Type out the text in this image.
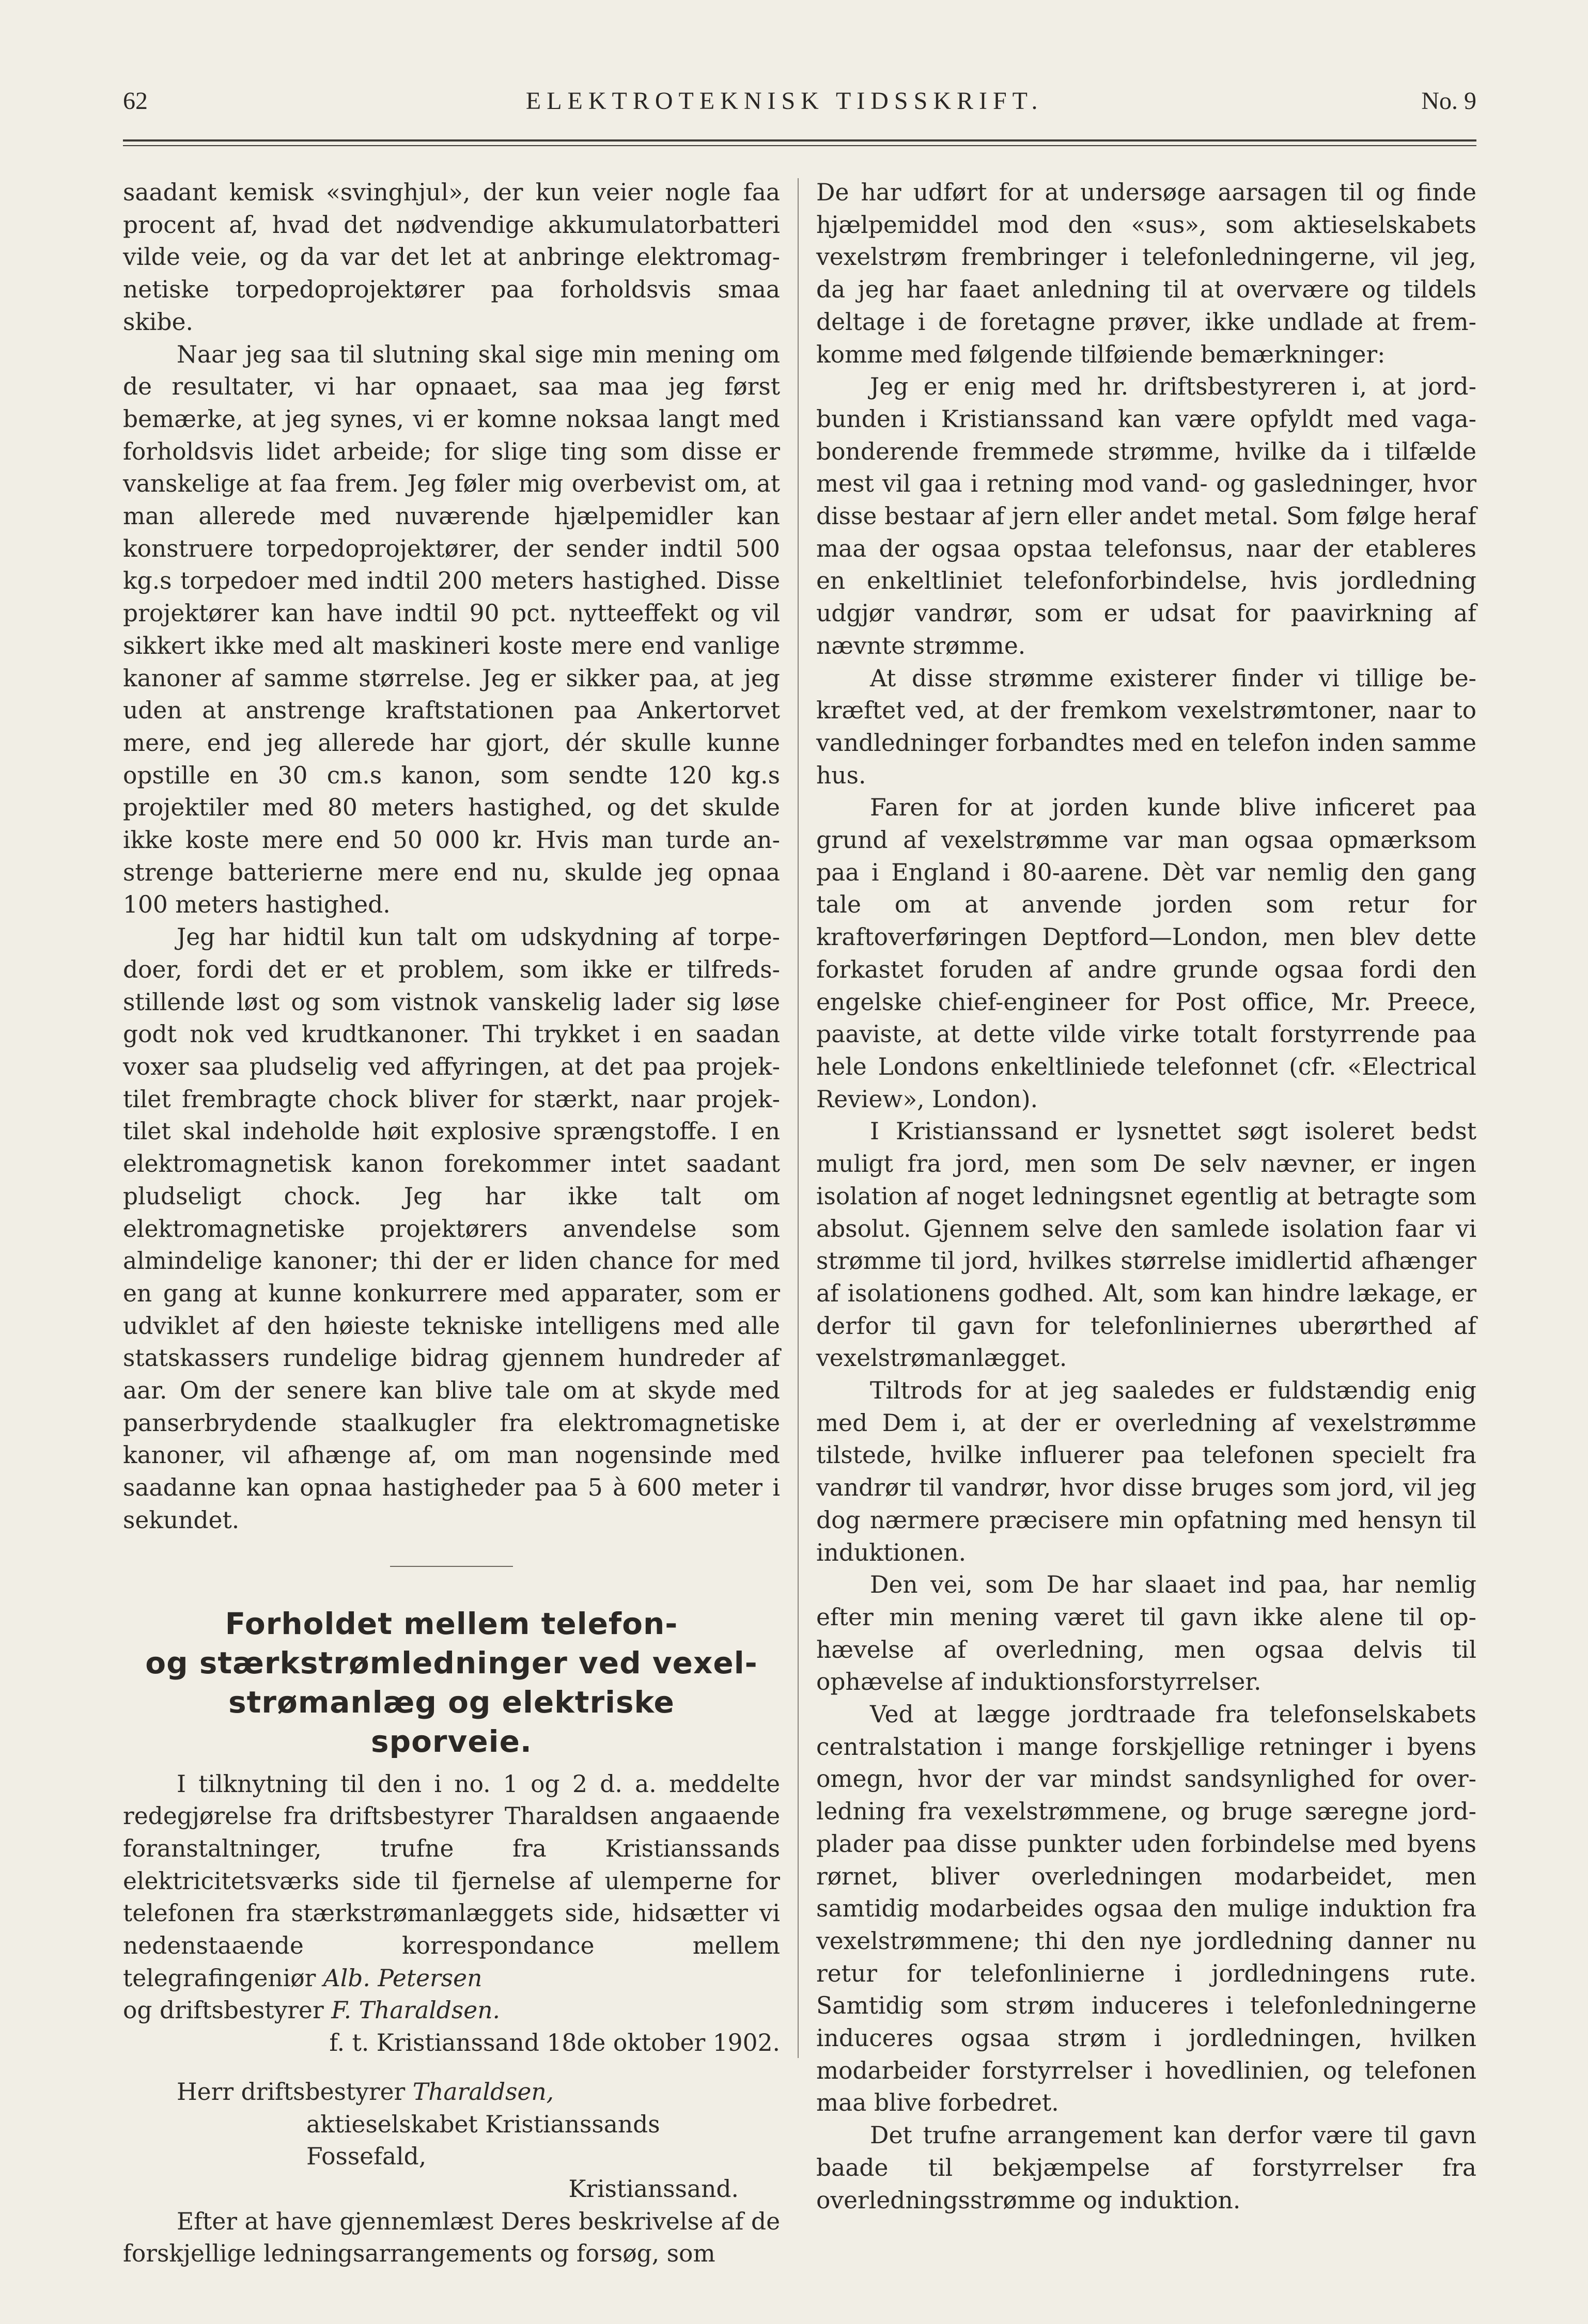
62	ELEKTROTEKNISK TIDSSKRIFT.	No. 9

saadant kemisk «svinghjul», der kun veier nogle faa procent af, hvad det nødvendige akkumulatorbatteri vilde veie, og da var det let at anbringe elektromagnetiske torpedoprojektører paa forholdsvis smaa skibe.

Naar jeg saa til slutning skal sige min mening om de resultater, vi har opnaaet, saa maa jeg først bemærke, at jeg synes, vi er komne noksaa langt med forholdsvis lidet arbeide; for slige ting som disse er vanskelige at faa frem. Jeg føler mig overbevist om, at man allerede med nuværende hjælpemidler kan konstruere torpedoprojektører, der sender indtil 500 kg.s torpedoer med indtil 200 meters hastighed. Disse projektører kan have indtil 90 pct. nytteeffekt og vil sikkert ikke med alt maskineri koste mere end vanlige kanoner af samme størrelse. Jeg er sikker paa, at jeg uden at anstrenge kraftstationen paa Ankertorvet mere, end jeg allerede har gjort, dér skulle kunne opstille en 30 cm.s kanon, som sendte 120 kg.s projektiler med 80 meters hastighed, og det skulde ikke koste mere end 50 000 kr. Hvis man turde anstrenge batterierne mere end nu, skulde jeg opnaa 100 meters hastighed.

Jeg har hidtil kun talt om udskydning af torpedoer, fordi det er et problem, som ikke er tilfredsstillende løst og som vistnok vanskelig lader sig løse godt nok ved krudtkanoner. Thi trykket i en saadan voxer saa pludselig ved affyringen, at det paa projektilet frembragte chock bliver for stærkt, naar projektilet skal indeholde høit explosive sprængstoffe. I en elektromagnetisk kanon forekommer intet saadant pludseligt chock. Jeg har ikke talt om elektromagnetiske projektørers anvendelse som almindelige kanoner; thi der er liden chance for med en gang at kunne konkurrere med apparater, som er udviklet af den høieste tekniske intelligens med alle statskassers rundelige bidrag gjennem hundreder af aar. Om der senere kan blive tale om at skyde med panserbrydende staalkugler fra elektromagnetiske kanoner, vil afhænge af, om man nogensinde med saadanne kan opnaa hastigheder paa 5 à 600 meter i sekundet.

Forholdet mellem telefon-
og stærkstrømledninger ved vexel-
strømanlæg og elektriske
sporveie.

I tilknytning til den i no. 1 og 2 d. a. meddelte redegjørelse fra driftsbestyrer Tharaldsen angaaende foranstaltninger, trufne fra Kristianssands elektricitetsværks side til fjernelse af ulemperne for telefonen fra stærkstrømanlæggets side, hidsætter vi nedenstaaende korrespondance mellem telegrafingeniør Alb. Petersen
og driftsbestyrer F. Tharaldsen.

f. t. Kristianssand 18de oktober 1902.

Herr driftsbestyrer Tharaldsen,

aktieselskabet Kristianssands Fossefald,

Kristianssand.

Efter at have gjennemlæst Deres beskrivelse af de forskjellige ledningsarrangements og forsøg, som

De har udført for at undersøge aarsagen til og finde hjælpemiddel mod den «sus», som aktieselskabets vexelstrøm frembringer i telefonledningerne, vil jeg, da jeg har faaet anledning til at overvære og tildels deltage i de foretagne prøver, ikke undlade at fremkomme med følgende tilføiende bemærkninger:

Jeg er enig med hr. driftsbestyreren i, at jordbunden i Kristianssand kan være opfyldt med vagabonderende fremmede strømme, hvilke da i tilfælde mest vil gaa i retning mod vand- og gasledninger, hvor disse bestaar af jern eller andet metal. Som følge heraf maa der ogsaa opstaa telefonsus, naar der etableres en enkeltliniet telefonforbindelse, hvis jordledning udgjør vandrør, som er udsat for paavirkning af nævnte strømme.

At disse strømme existerer finder vi tillige bekræftet ved, at der fremkom vexelstrømtoner, naar to vandledninger forbandtes med en telefon inden samme hus.

Faren for at jorden kunde blive inficeret paa grund af vexelstrømme var man ogsaa opmærksom paa i England i 80-aarene. Dèt var nemlig den gang tale om at anvende jorden som retur for kraftoverføringen Deptford—London, men blev dette forkastet foruden af andre grunde ogsaa fordi den engelske chief-engineer for Post office, Mr. Preece, paaviste, at dette vilde virke totalt forstyrrende paa hele Londons enkeltliniede telefonnet (cfr. «Electrical Review», London).

I Kristianssand er lysnettet søgt isoleret bedst muligt fra jord, men som De selv nævner, er ingen isolation af noget ledningsnet egentlig at betragte som absolut. Gjennem selve den samlede isolation faar vi strømme til jord, hvilkes størrelse imidlertid afhænger af isolationens godhed. Alt, som kan hindre lækage, er derfor til gavn for telefonliniernes uberørthed af vexelstrømanlægget.

Tiltrods for at jeg saaledes er fuldstændig enig med Dem i, at der er overledning af vexelstrømme tilstede, hvilke influerer paa telefonen specielt fra vandrør til vandrør, hvor disse bruges som jord, vil jeg dog nærmere præcisere min opfatning med hensyn til induktionen.

Den vei, som De har slaaet ind paa, har nemlig efter min mening været til gavn ikke alene til ophævelse af overledning, men ogsaa delvis til ophævelse af induktionsforstyrrelser.

Ved at lægge jordtraade fra telefonselskabets centralstation i mange forskjellige retninger i byens omegn, hvor der var mindst sandsynlighed for overledning fra vexelstrømmene, og bruge særegne jordplader paa disse punkter uden forbindelse med byens rørnet, bliver overledningen modarbeidet, men samtidig modarbeides ogsaa den mulige induktion fra vexelstrømmene; thi den nye jordledning danner nu retur for telefonlinierne i jordledningens rute. Samtidig som strøm induceres i telefonledningerne induceres ogsaa strøm i jordledningen, hvilken modarbeider forstyrrelser i hovedlinien, og telefonen maa blive forbedret.

Det trufne arrangement kan derfor være til gavn baade til bekjæmpelse af forstyrrelser fra overledningsstrømme og induktion.
